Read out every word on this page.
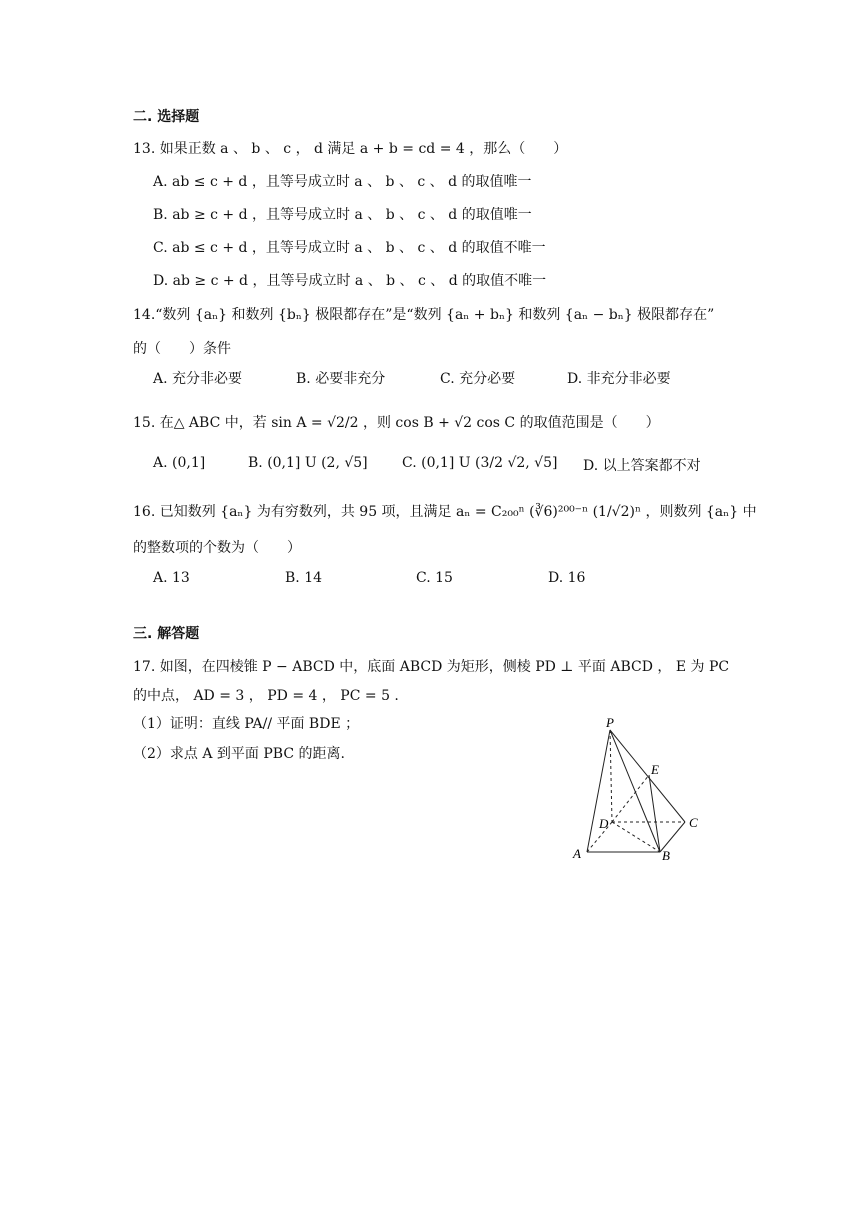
二. 选择题
13. 如果正数 a 、 b 、 c ， d 满足 a + b = cd = 4 ，那么（　　）
A. ab ≤ c + d ，且等号成立时 a 、 b 、 c 、 d 的取值唯一
B. ab ≥ c + d ，且等号成立时 a 、 b 、 c 、 d 的取值唯一
C. ab ≤ c + d ，且等号成立时 a 、 b 、 c 、 d 的取值不唯一
D. ab ≥ c + d ，且等号成立时 a 、 b 、 c 、 d 的取值不唯一
14.“数列 {aₙ} 和数列 {bₙ} 极限都存在”是“数列 {aₙ + bₙ} 和数列 {aₙ − bₙ} 极限都存在”
的（　　）条件
A. 充分非必要	B. 必要非充分	C. 充分必要	D. 非充分非必要
15. 在△ ABC 中，若 sin A = √2/2 ，则 cos B + √2 cos C 的取值范围是（　　）
A. (0,1]	B. (0,1] U (2, √5] C. (0,1] U (3/2 √2, √5] D. 以上答案都不对
16. 已知数列 {aₙ} 为有穷数列，共 95 项，且满足 aₙ = C₂₀₀ⁿ (∛6)²⁰⁰⁻ⁿ (1/√2)ⁿ ，则数列 {aₙ} 中
的整数项的个数为（　　）
A. 13	B. 14	C. 15	D. 16
三. 解答题
17. 如图，在四棱锥 P − ABCD 中，底面 ABCD 为矩形，侧棱 PD ⊥ 平面 ABCD ， E 为 PC
的中点， AD = 3 ， PD = 4 ， PC = 5 .
（1）证明：直线 PA// 平面 BDE ；
（2）求点 A 到平面 PBC 的距离.
P
E
D	C
A	B
